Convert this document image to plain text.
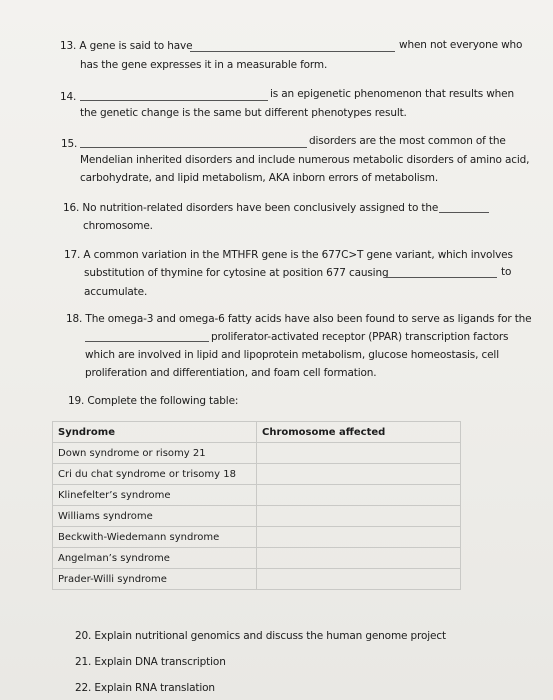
13. A gene is said to have	when not everyone who
has the gene expresses it in a measurable form.
14.	is an epigenetic phenomenon that results when
the genetic change is the same but different phenotypes result.
15.	disorders are the most common of the
Mendelian inherited disorders and include numerous metabolic disorders of amino acid,
carbohydrate, and lipid metabolism, AKA inborn errors of metabolism.
16. No nutrition-related disorders have been conclusively assigned to the
chromosome.
17. A common variation in the MTHFR gene is the 677C>T gene variant, which involves
substitution of thymine for cytosine at position 677 causing	to
accumulate.
18. The omega-3 and omega-6 fatty acids have also been found to serve as ligands for the
proliferator-activated receptor (PPAR) transcription factors
which are involved in lipid and lipoprotein metabolism, glucose homeostasis, cell
proliferation and differentiation, and foam cell formation.
19. Complete the following table:
Syndrome	Chromosome affected
Down syndrome or risomy 21	
Cri du chat syndrome or trisomy 18	
Klinefelter’s syndrome	
Williams syndrome	
Beckwith-Wiedemann syndrome	
Angelman’s syndrome	
Prader-Willi syndrome	
20. Explain nutritional genomics and discuss the human genome project
21. Explain DNA transcription
22. Explain RNA translation
